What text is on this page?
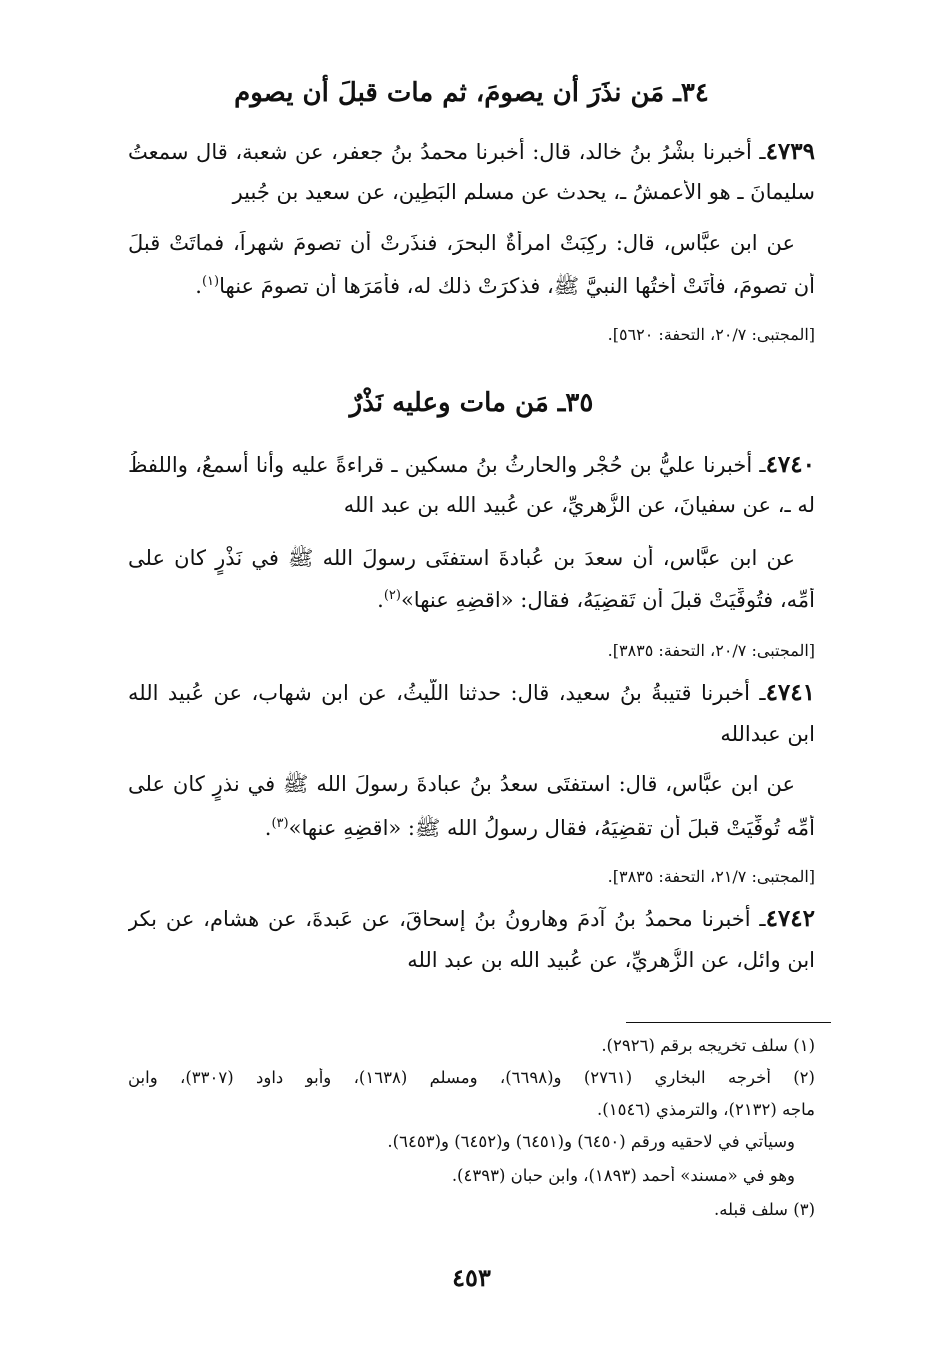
٣٤ـ مَن نذَرَ أن يصومَ، ثم مات قبلَ أن يصوم
٤٧٣٩ـ أخبرنا بشْرُ بنُ خالد، قال: أخبرنا محمدُ بنُ جعفر، عن شعبة، قال سمعتُ
سليمانَ ـ هو الأعمشُ ـ، يحدث عن مسلمٍ البَطِين، عن سعيد بن جُبير
عن ابن عبَّاس، قال: ركِبَتْ امرأةٌ البحرَ، فنذَرتْ أن تصومَ شهراً، فماتَتْ قبلَ
أن تصومَ، فأتَتْ أختُها النبيَّ ﷺ، فذكرَتْ ذلك له، فأمَرَها أن تصومَ عنها$^{(١)}$.
[المجتبى: ٢٠/٧، التحفة: ٥٦٢٠].
٣٥ـ مَن مات وعليه نَذْرٌ
٤٧٤٠ـ أخبرنا عليُّ بن حُجْر والحارثُ بنُ مسكين ـ قراءةً عليه وأنا أسمعُ، واللفظُ
له ـ، عن سفيانَ، عن الزُّهريِّ، عن عُبيد الله بن عبد الله
عن ابن عبَّاس، أن سعدَ بن عُبادةَ استفتَى رسولَ الله ﷺ في نَذْرٍ كان على
أُمِّه، فتُوفِّيَتْ قبلَ أن تَقضِيَهُ، فقال: «اقضِهِ عنها»$^{(٢)}$.
[المجتبى: ٢٠/٧، التحفة: ٣٨٣٥].
٤٧٤١ـ أخبرنا قتيبةُ بنُ سعيد، قال: حدثنا اللَّيثُ، عن ابن شهاب، عن عُبيد الله
ابن عبدالله
عن ابن عبَّاس، قال: استفتَى سعدُ بنُ عبادةَ رسولَ الله ﷺ في نذرٍ كان على
أُمِّه تُوفِّيَتْ قبلَ أن تقضِيَهُ، فقال رسولُ الله ﷺ: «اقضِهِ عنها»$^{(٣)}$.
[المجتبى: ٢١/٧، التحفة: ٣٨٣٥].
٤٧٤٢ـ أخبرنا محمدُ بنُ آدمَ وهارونُ بنُ إسحاقَ، عن عَبدةَ، عن هشام، عن بكر
ابن وائل، عن الزُّهريِّ، عن عُبيد الله بن عبد الله
(١) سلف تخريجه برقم (٢٩٢٦).
(٢) أخرجه البخاري (٢٧٦١) و(٦٦٩٨)، ومسلم (١٦٣٨)، وأبو داود (٣٣٠٧)، وابن
ماجه (٢١٣٢)، والترمذي (١٥٤٦).
وسيأتي في لاحقيه ورقم (٦٤٥٠) و(٦٤٥١) و(٦٤٥٢) و(٦٤٥٣).
وهو في «مسند» أحمد (١٨٩٣)، وابن حبان (٤٣٩٣).
(٣) سلف قبله.
٤٥٣
